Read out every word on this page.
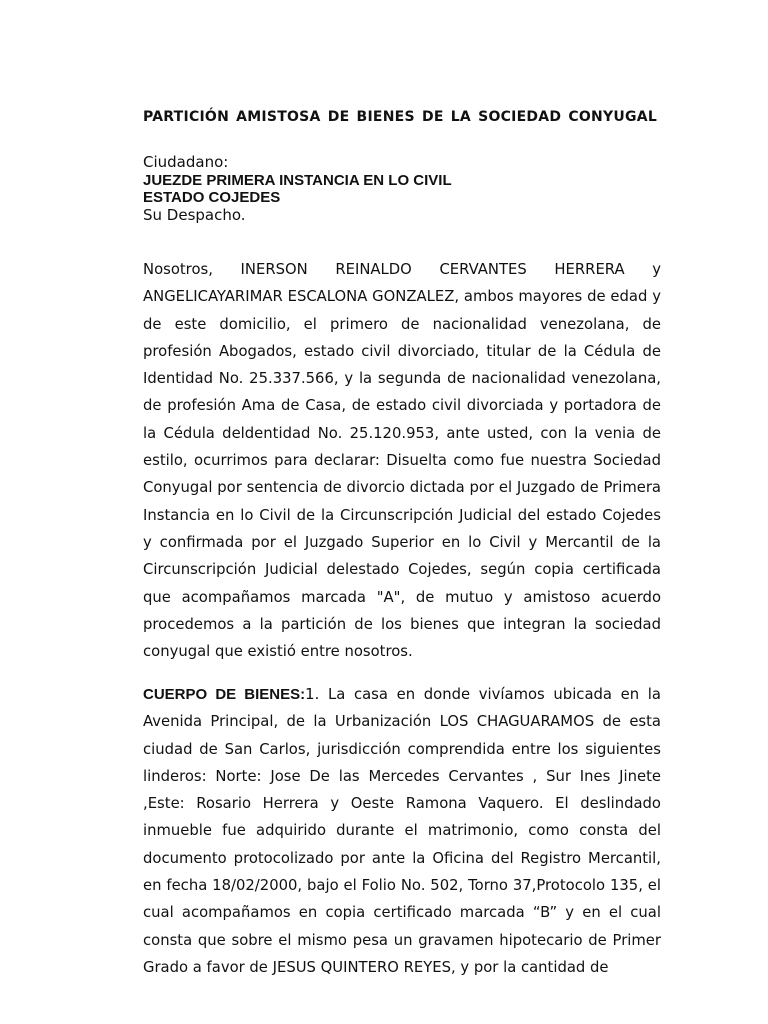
PARTICIÓN AMISTOSA DE BIENES DE LA SOCIEDAD CONYUGAL
Ciudadano:
JUEZDE PRIMERA INSTANCIA EN LO CIVIL
ESTADO COJEDES
Su Despacho.

Nosotros, INERSON REINALDO CERVANTES HERRERA y ANGELICAYARIMAR ESCALONA GONZALEZ, ambos mayores de edad y de este domicilio, el primero de nacionalidad venezolana, de profesión Abogados, estado civil divorciado, titular de la Cédula de Identidad No. 25.337.566, y la segunda de nacionalidad venezolana, de profesión Ama de Casa, de estado civil divorciada y portadora de la Cédula deldentidad No. 25.120.953, ante usted, con la venia de estilo, ocurrimos para declarar: Disuelta como fue nuestra Sociedad Conyugal por sentencia de divorcio dictada por el Juzgado de Primera Instancia en lo Civil de la Circunscripción Judicial del estado Cojedes y confirmada por el Juzgado Superior en lo Civil y Mercantil de la Circunscripción Judicial delestado Cojedes, según copia certificada que acompañamos marcada "A", de mutuo y amistoso acuerdo procedemos a la partición de los bienes que integran la sociedad conyugal que existió entre nosotros.

CUERPO DE BIENES:1. La casa en donde vivíamos ubicada en la Avenida Principal, de la Urbanización LOS CHAGUARAMOS de esta ciudad de San Carlos, jurisdicción comprendida entre los siguientes linderos: Norte: Jose De las Mercedes Cervantes , Sur Ines Jinete ,Este: Rosario Herrera y Oeste Ramona Vaquero. El deslindado inmueble fue adquirido durante el matrimonio, como consta del documento protocolizado por ante la Oficina del Registro Mercantil, en fecha 18/02/2000, bajo el Folio No. 502, Torno 37,Protocolo 135, el cual acompañamos en copia certificado marcada “B” y en el cual consta que sobre el mismo pesa un gravamen hipotecario de Primer Grado a favor de JESUS QUINTERO REYES, y por la cantidad de
